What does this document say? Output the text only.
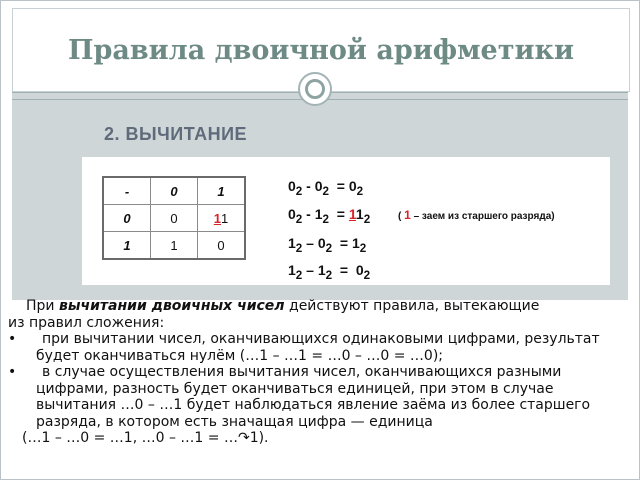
Правила двоичной арифметики
2. ВЫЧИТАНИЕ
-	0	1
0	0	11
1	1	0
$0_2 - 0_2 = 0_2$
$0_2 - 1_2 = 11_2$	( 1 – заем из старшего разряда)
$1_2 - 0_2 = 1_2$
$1_2 - 1_2 = 0_2$

При вычитании двоичных чисел действуют правила, вытекающие

из правил сложения:

• при вычитании чисел, оканчивающихся одинаковыми цифрами, результат будет оканчиваться нулём (…1 – …1 = …0 – …0 = …0);

• в случае осуществления вычитания чисел, оканчивающихся разными цифрами, разность будет оканчиваться единицей, при этом в случае вычитания …0 – …1 будет наблюдаться явление заёма из более старшего разряда, в котором есть значащая цифра — единица

(…1 – …0 = …1, …0 – …1 = …↷1).
